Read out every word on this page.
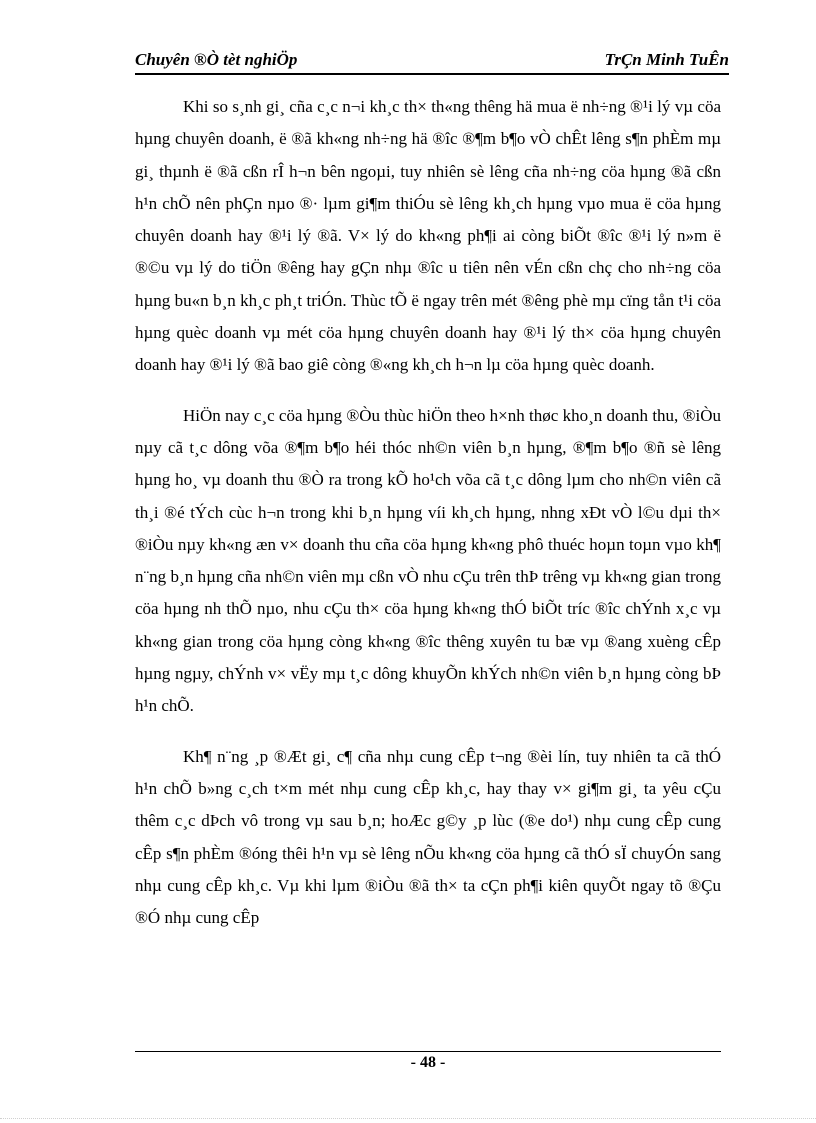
Chuyên ®Ò tèt nghiÖp	TrÇn Minh TuÊn

Khi so s¸nh gi¸ cña c¸c n¬i kh¸c th× th«ng thêng hä mua ë nh÷ng ®¹i lý vµ cöa hµng chuyên doanh, ë ®ã kh«ng nh÷ng hä ®îc ®¶m b¶o vÒ chÊt lêng s¶n phÈm mµ gi¸ thµnh ë ®ã cßn rÎ h¬n bên ngoµi, tuy nhiên sè lêng cña nh÷ng cöa hµng ®ã cßn h¹n chÕ nên phÇn nµo ®· lµm gi¶m thiÓu sè lêng kh¸ch hµng vµo mua ë cöa hµng chuyên doanh hay ®¹i lý ®ã. V× lý do kh«ng ph¶i ai còng biÕt ®îc ®¹i lý n»m ë ®©u vµ lý do tiÖn ®êng hay gÇn nhµ ®îc u tiên nên vÉn cßn chç cho nh÷ng cöa hµng bu«n b¸n kh¸c ph¸t triÓn. Thùc tÕ ë ngay trên mét ®êng phè mµ cïng tån t¹i cöa hµng quèc doanh vµ mét cöa hµng chuyên doanh hay ®¹i lý th× cöa hµng chuyên doanh hay ®¹i lý ®ã bao giê còng ®«ng kh¸ch h¬n lµ cöa hµng quèc doanh.

HiÖn nay c¸c cöa hµng ®Òu thùc hiÖn theo h×nh thøc kho¸n doanh thu, ®iÒu nµy cã t¸c dông võa ®¶m b¶o héi thóc nh©n viên b¸n hµng, ®¶m b¶o ®ñ sè lêng hµng ho¸ vµ doanh thu ®Ò ra trong kÕ ho¹ch võa cã t¸c dông lµm cho nh©n viên cã th¸i ®é tÝch cùc h¬n trong khi b¸n hµng víi kh¸ch hµng, nhng xÐt vÒ l©u dµi th× ®iÒu nµy kh«ng æn v× doanh thu cña cöa hµng kh«ng phô thuéc hoµn toµn vµo kh¶ n¨ng b¸n hµng cña nh©n viên mµ cßn vÒ nhu cÇu trên thÞ trêng vµ kh«ng gian trong cöa hµng nh thÕ nµo, nhu cÇu th× cöa hµng kh«ng thÓ biÕt tríc ®îc chÝnh x¸c vµ kh«ng gian trong cöa hµng còng kh«ng ®îc thêng xuyên tu bæ vµ ®ang xuèng cÊp hµng ngµy, chÝnh v× vËy mµ t¸c dông khuyÕn khÝch nh©n viên b¸n hµng còng bÞ h¹n chÕ.

Kh¶ n¨ng ¸p ®Æt gi¸ c¶ cña nhµ cung cÊp t¬ng ®èi lín, tuy nhiên ta cã thÓ h¹n chÕ b»ng c¸ch t×m mét nhµ cung cÊp kh¸c, hay thay v× gi¶m gi¸ ta yêu cÇu thêm c¸c dÞch vô trong vµ sau b¸n; hoÆc g©y ¸p lùc (®e do¹) nhµ cung cÊp cung cÊp s¶n phÈm ®óng thêi h¹n vµ sè lêng nÕu kh«ng cöa hµng cã thÓ sÏ chuyÓn sang nhµ cung cÊp kh¸c. Vµ khi lµm ®iÒu ®ã th× ta cÇn ph¶i kiên quyÕt ngay tõ ®Çu ®Ó nhµ cung cÊp

- 48 -
